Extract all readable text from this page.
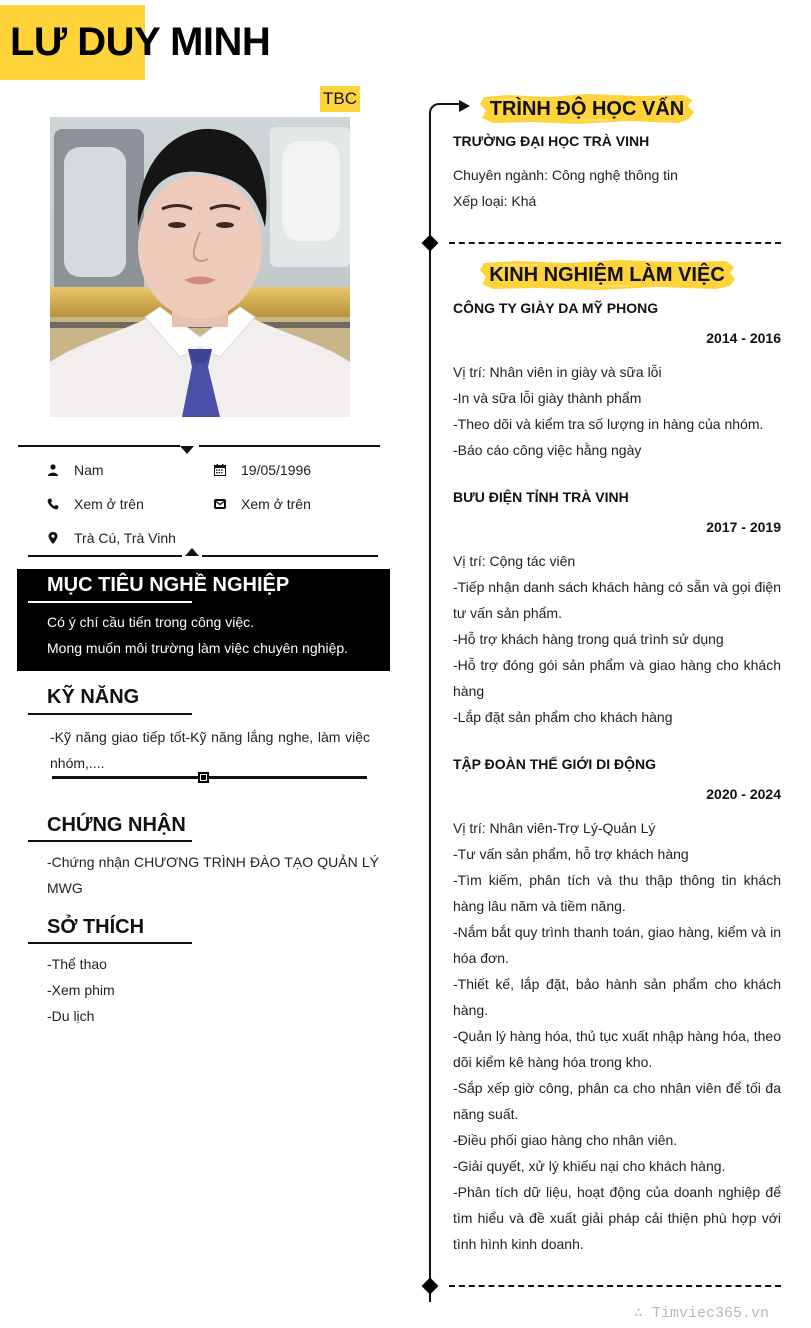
LƯ DUY MINH
TBC
Nam	19/05/1996
Xem ở trên	Xem ở trên
Trà Cú, Trà Vinh
MỤC TIÊU NGHỀ NGHIỆP
Có ý chí cầu tiến trong công việc.
Mong muốn môi trường làm việc chuyên nghiệp.
KỸ NĂNG
-Kỹ năng giao tiếp tốt-Kỹ năng lắng nghe, làm việc nhóm,....
CHỨNG NHẬN
-Chứng nhận CHƯƠNG TRÌNH ĐÀO TẠO QUẢN LÝ MWG
SỞ THÍCH
-Thể thao
-Xem phim
-Du lịch
TRÌNH ĐỘ HỌC VẤN
TRƯỜNG ĐẠI HỌC TRÀ VINH

Chuyên ngành: Công nghệ thông tin

Xếp loại: Khá

KINH NGHIỆM LÀM VIỆC
CÔNG TY GIÀY DA MỸ PHONG
2014 - 2016

Vị trí: Nhân viên in giày và sữa lỗi

-In và sữa lỗi giày thành phẩm

-Theo dõi và kiểm tra số lượng in hàng của nhóm.

-Báo cáo công việc hằng ngày

BƯU ĐIỆN TỈNH TRÀ VINH
2017 - 2019

Vị trí: Cộng tác viên

-Tiếp nhận danh sách khách hàng có sẵn và gọi điện tư vấn sản phẩm.

-Hỗ trợ khách hàng trong quá trình sử dụng

-Hỗ trợ đóng gói sản phẩm và giao hàng cho khách hàng

-Lắp đặt sản phẩm cho khách hàng

TẬP ĐOÀN THẾ GIỚI DI ĐỘNG
2020 - 2024

Vị trí: Nhân viên-Trợ Lý-Quản Lý

-Tư vấn sản phẩm, hỗ trợ khách hàng

-Tìm kiếm, phân tích và thu thập thông tin khách hàng lâu năm và tiềm năng.

-Nắm bắt quy trình thanh toán, giao hàng, kiểm và in hóa đơn.

-Thiết kế, lắp đặt, bảo hành sản phẩm cho khách hàng.

-Quản lý hàng hóa, thủ tục xuất nhập hàng hóa, theo dõi kiểm kê hàng hóa trong kho.

-Sắp xếp giờ công, phân ca cho nhân viên để tối đa năng suất.

-Điều phối giao hàng cho nhân viên.

-Giải quyết, xử lý khiếu nại cho khách hàng.

-Phân tích dữ liệu, hoạt động của doanh nghiệp để tìm hiểu và đề xuất giải pháp cải thiện phù hợp với tình hình kinh doanh.

∴ Timviec365.vn
